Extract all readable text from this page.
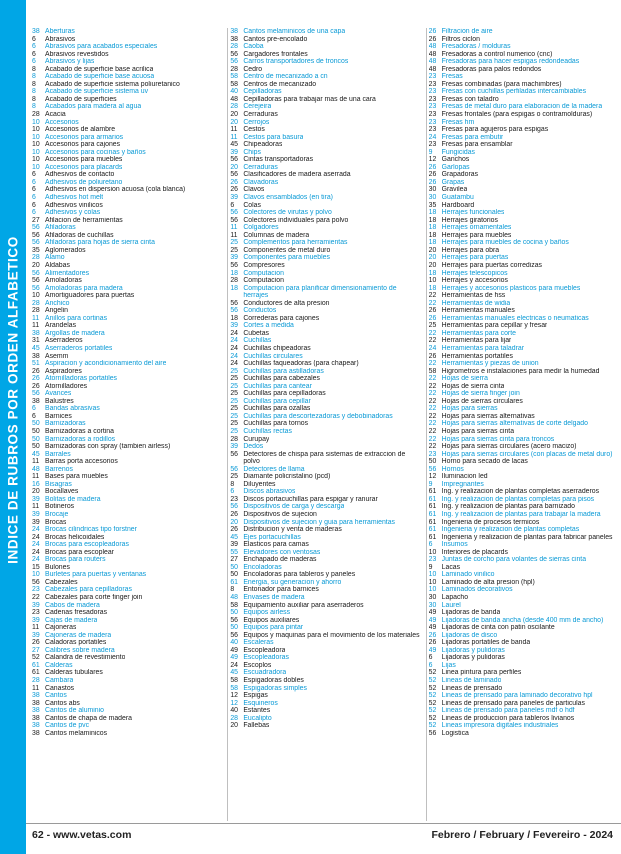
INDICE DE RUBROS POR ORDEN ALFABETICO
38 Aberturas
6	Abrasivos
6	Abrasivos para acabados especiales
6	Abrasivos revestidos
6	Abrasivos y lijas
8	Acabado de superficie base acrilica
8	Acabado de superficie base acuosa
8	Acabado de superficie sistema poliuretanico
8	Acabado de superficie sistema uv
8	Acabado de superficies
8	Acabados para madera al agua
28 Acacia
10 Accesorios
10 Accesorios de alambre
10 Accesorios para armarios
10 Accesorios para cajones
10 Accesorios para cocinas y baños
10 Accesorios para muebles
10 Accesorios para placards
6	Adhesivos de contacto
6	Adhesivos de poliuretano
6	Adhesivos en dispersion acuosa (cola blanca)
6	Adhesivos hot melt
6	Adhesivos vinilicos
6	Adhesivos y colas
27 Afilacion de herramientas
56 Afiladoras
56 Afiladoras de cuchillas
56 Afiladoras para hojas de sierra cinta
35 Aglomerados
28 Alamo
20 Aldabas
56 Alimentadores
56 Amoladoras
56 Amoladoras para madera
10 Amortiguadores para puertas
28 Anchico
28 Angelin
11 Anillos para cortinas
11 Arandelas
38 Argollas de madera
31 Aserraderos
45 Aserraderos portatiles
38 Asemm
51 Aspiracion y acondicionamiento del aire
26 Aspiradores
26 Atornilladoras portatiles
26 Atornilladores
56 Avances
38 Balustres
6	Bandas abrasivas
6	Barnices
50 Barnizadoras
50 Barnizadoras a cortina
50 Barnizadoras a rodillos
50 Barnizadoras con spray (tambien airless)
45 Barrales
11 Barras porta accesorios
48 Barrenos
11 Bases para muebles
16 Bisagras
20 Bocallaves
39 Bolitas de madera
11 Botineros
39 Brocaje
39 Brocas
24 Brocas cilindricas tipo forstner
24 Brocas helicoidales
24 Brocas para escopleadoras
24 Brocas para escoplear
24 Brocas para routers
15 Bulones
10 Burletes para puertas y ventanas
56 Cabezales
23 Cabezales para cepilladoras
22 Cabezales para corte finger join
39 Cabos de madera
23 Cadenas fresadoras
39 Cajas de madera
11 Cajoneras
39 Cajoneras de madera
26 Caladoras portatiles
27 Calibres sobre madera
52 Calandra de revestimiento
61 Calderas
61 Calderas tubulares
28 Cambara
11 Canastos
38 Cantos
38 Cantos abs
38 Cantos de aluminio
38 Cantos de chapa de madera
38 Cantos de pvc
38 Cantos melaminicos
38 Cantos melaminicos de una capa
38 Cantos pre-encolado
28 Caoba
56 Cargadores frontales
56 Carros transportadores de troncos
28 Cedro
58 Centro de mecanizado a cn
58 Centros de mecanizado
40 Cepilladoras
48 Cepilladoras para trabajar mas de una cara
28 Cerejeira
20 Cerraduras
20 Cerrojos
11 Cestos
11 Cestos para basura
45 Chipeadoras
39 Chips
56 Cintas transportadoras
20 Cerraduras
56 Clasificadores de madera aserrada
26 Clavadoras
26 Clavos
39 Clavos ensamblados (en tira)
6	Colas
56 Colectores de virutas y polvo
56 Colectores individuales para polvo
11 Colgadores
11 Columnas de madera
25 Complementos para herramientas
25 Componentes de metal duro
39 Componentes para muebles
56 Compresores
18 Computacion
28 Computacion
18 Computacion para planificar dimensionamiento de
herrajes
56 Conductores de alta presion
56 Conductos
18 Correderas para cajones
39 Cortes a medida
24 Cubetas
24 Cuchillas
24 Cuchillas chipeadoras
24 Cuchillas circulares
24 Cuchillas faqueadoras (para chapear)
25 Cuchillas para astilladoras
25 Cuchillas para cabezales
25 Cuchillas para cantear
25 Cuchillas para cepilladoras
25 Cuchillas para cepillar
25 Cuchillas para ozallas
25 Cuchillas para descortezadoras y debobinadoras
25 Cuchillas para tornos
25 Cuchillas rectas
28 Curupay
39 Dedos
56 Detectores de chispa para sistemas de extraccion de
polvo
56 Detectores de llama
25 Diamante policristalino (pcd)
8	Diluyentes
6	Discos abrasivos
23 Discos portacuchillas para espigar y ranurar
56 Dispositivos de carga y descarga
26 Dispositivos de sujecion
20 Dispositivos de sujecion y guia para herramientas
26 Distribucion y venta de maderas
45 Ejes portacuchillas
39 Elasticos para camas
55 Elevadores con ventosas
27 Enchapado de maderas
50 Encoladoras
50 Encoladoras para tableros y paneles
61 Energia, su generacion y ahorro
8	Entonador para barnices
48 Envases de madera
58 Equipamiento auxiliar para aserraderos
50 Equipos airless
56 Equipos auxiliares
50 Equipos para pintar
56 Equipos y maquinas para el movimiento de los materiales
40 Escaleras
49 Escopleadora
49 Escopleadoras
24 Escoplos
45 Escuadradora
58 Espigadoras dobles
58 Espigadoras simples
12 Espigas
12 Esquineros
40 Estantes
28 Eucalipto
20 Fallebas
26 Filtracion de aire
26 Filtros ciclon
48 Fresadoras / molduras
48 Fresadoras a control numerico (cnc)
48 Fresadoras para hacer espigas redondeadas
48 Fresadoras para palos redondos
23 Fresas
23 Fresas combinadas (para machimbres)
23 Fresas con cuchillas perfiladas intercambiables
23 Fresas con taladro
23 Fresas de metal duro para elaboracion de la madera
23 Fresas frontales (para espigas o contramolduras)
23 Fresas hm
23 Fresas para agujeros para espigas
24 Fresas para embutir
23 Fresas para ensamblar
9	Fungicidas
12 Ganchos
26 Garlopas
26 Grapadoras
26 Grapas
30 Gravilea
30 Guatambu
35 Hardboard
18 Herrajes funcionales
18 Herrajes giratorios
18 Herrajes ornamentales
18 Herrajes para muebles
18 Herrajes para muebles de cocina y baños
20 Herrajes para obra
20 Herrajes para puertas
20 Herrajes para puertas corredizas
18 Herrajes telescopicos
10 Herrajes y accesorios
18 Herrajes y accesorios plasticos para muebles
22 Herramientas de hss
22 Herramientas de widia
26 Herramientas manuales
26 Herramientas manuales electricas o neumaticas
25 Herramientas para cepillar y fresar
22 Herramientas para corte
22 Herramientas para lijar
24 Herramientas para taladrar
26 Herramientas portatiles
22 Herramientas y piezas de union
58 Higrometros e instalaciones para medir la humedad
22 Hojas de sierra
22 Hojas de sierra cinta
22 Hojas de sierra finger join
22 Hojas de sierras circulares
22 Hojas para sierras
22 Hojas para sierras alternativas
22 Hojas para sierras alternativas de corte delgado
22 Hojas para sierras cinta
22 Hojas para sierras cinta para troncos
22 Hojas para sierras circulares (acero macizo)
23 Hojas para sierras circulares (con placas de metal duro)
50 Horno para secado de lacas
56 Hornos
12 Iluminacion led
9	Impregnantes
61 Ing. y realizacion de plantas completas aserraderos
61 Ing. y realizacion de plantas completas para pisos
61 Ing. y realizacion de plantas para barnizado
61 Ing. y realizacion de plantas para trabajar la madera
61 Ingenieria de procesos termicos
61 Ingenieria y realizacion de plantas completas
61 Ingenieria y realizacion de plantas para fabricar paneles
6	Insumos
10 Interiores de placards
23 Juntas de corcho para volantes de sierras cinta
9	Lacas
10 Laminado vinilico
10 Laminado de alta presion (hpl)
10 Laminados decorativos
30 Lapacho
30 Laurel
49 Lijadoras de banda
49 Lijadoras de banda ancha (desde 400 mm de ancho)
49 Lijadoras de cinta con patin oscilante
26 Lijadoras de disco
26 Lijadoras portatiles de banda
49 Lijadoras y pulidoras
6	Lijadoras y pulidoras
6	Lijas
52 Linea pintura para perfiles
52 Lineas de laminado
52 Lineas de prensado
52 Lineas de prensado para laminado decorativo hpl
52 Lineas de prensado para paneles de particulas
52 Lineas de prensado para paneles mdf o hdf
52 Lineas de produccion para tableros livianos
52 Lineas impresora digitales industriales
56 Logistica
62 - www.vetas.com	Febrero / February / Fevereiro - 2024
